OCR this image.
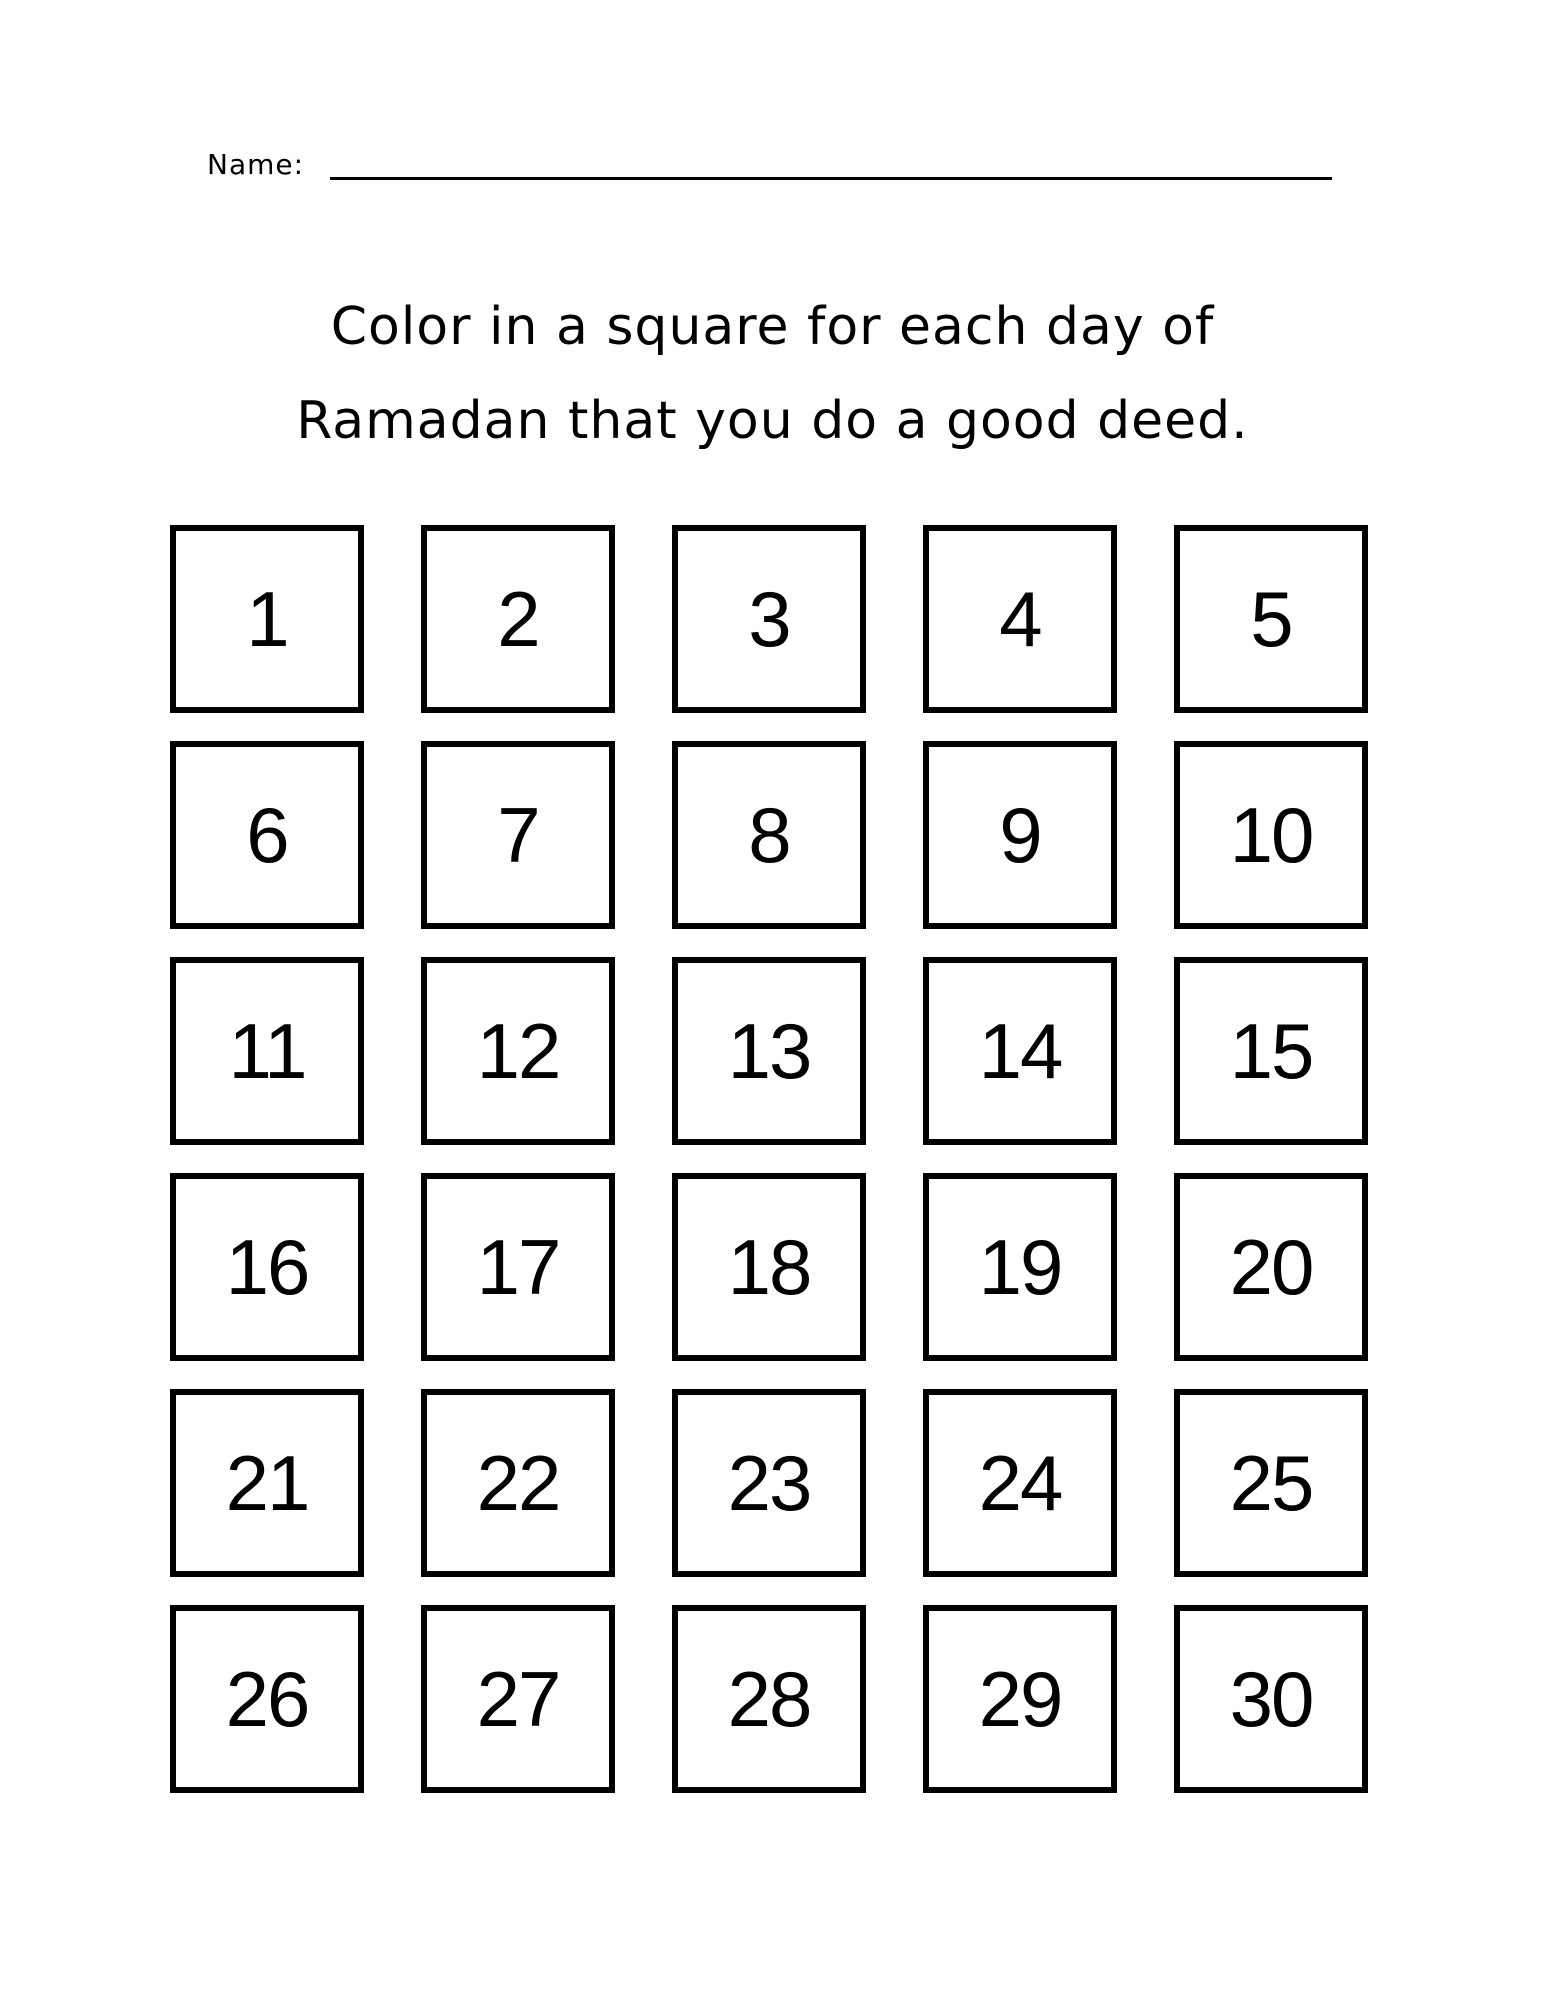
Name:
Color in a square for each day of
Ramadan that you do a good deed.
1	2	3	4	5
6	7	8	9	10
11	12	13	14	15
16	17	18	19	20
21	22	23	24	25
26	27	28	29	30
